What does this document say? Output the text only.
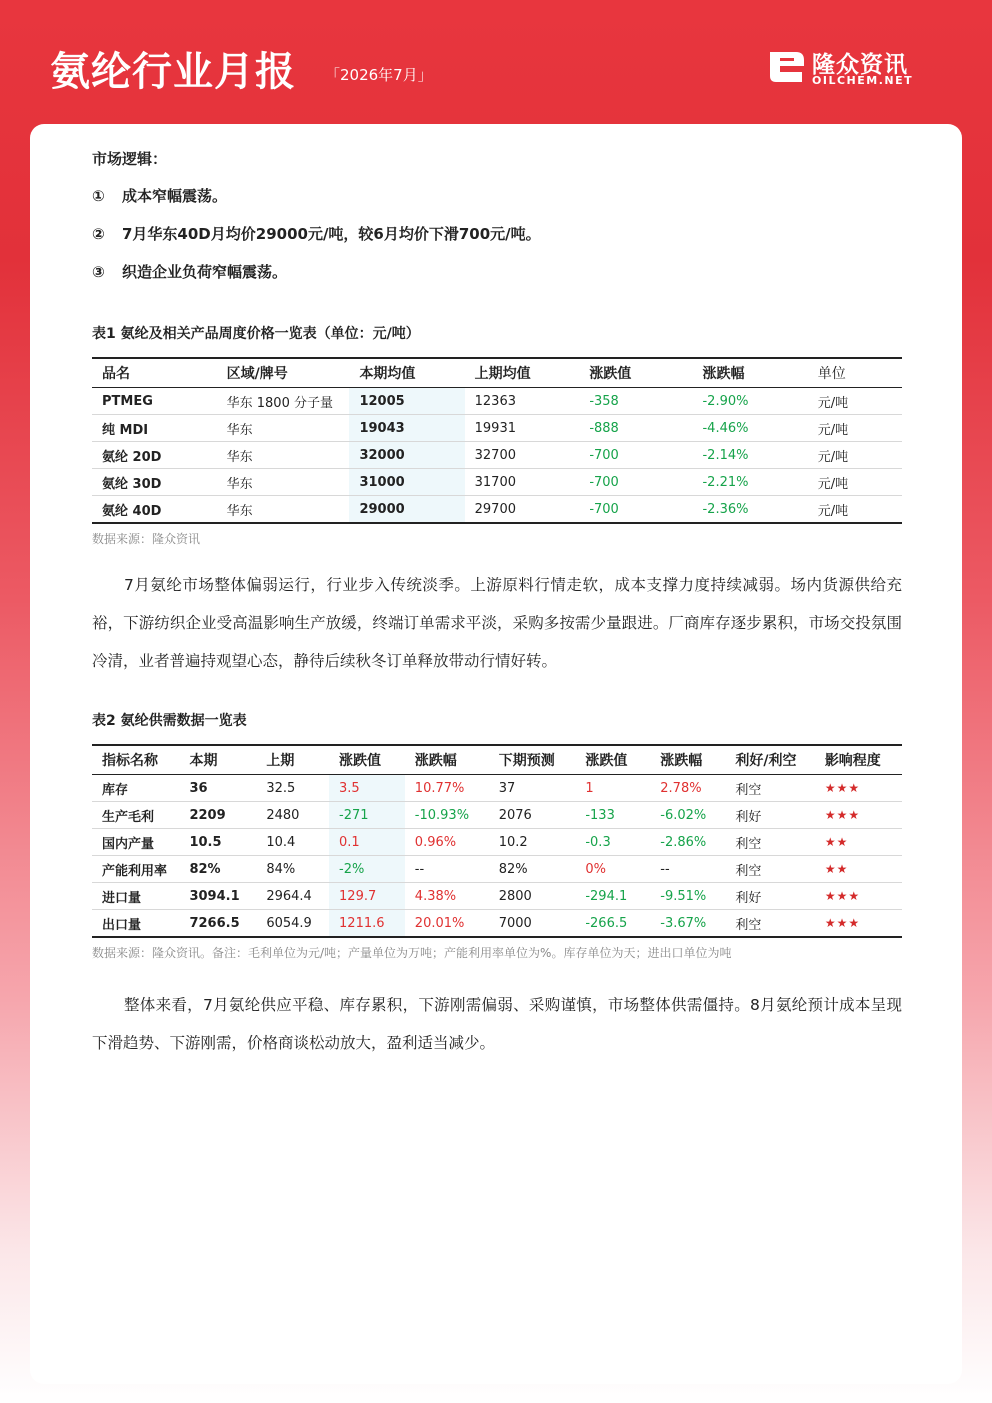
氨纶行业月报 「2026年7月」	隆众资讯
OILCHEM.NET
市场逻辑：
① 成本窄幅震荡。
② 7月华东40D月均价29000元/吨，较6月均价下滑700元/吨。
③ 织造企业负荷窄幅震荡。
表1 氨纶及相关产品周度价格一览表（单位：元/吨）
品名	区域/牌号	本期均值	上期均值	涨跌值	涨跌幅	单位
PTMEG	华东 1800 分子量	12005	12363	-358	-2.90%	元/吨
纯 MDI	华东	19043	19931	-888	-4.46%	元/吨
氨纶 20D	华东	32000	32700	-700	-2.14%	元/吨
氨纶 30D	华东	31000	31700	-700	-2.21%	元/吨
氨纶 40D	华东	29000	29700	-700	-2.36%	元/吨
数据来源：隆众资讯
7月氨纶市场整体偏弱运行，行业步入传统淡季。上游原料行情走软，成本支撑力度持续减弱。场内货源供给充裕，下游纺织企业受高温影响生产放缓，终端订单需求平淡，采购多按需少量跟进。厂商库存逐步累积，市场交投氛围冷清，业者普遍持观望心态，静待后续秋冬订单释放带动行情好转。
表2 氨纶供需数据一览表
指标名称	本期	上期	涨跌值	涨跌幅	下期预测	涨跌值	涨跌幅	利好/利空	影响程度
库存	36	32.5	3.5	10.77%	37	1	2.78%	利空	★★★
生产毛利	2209	2480	-271	-10.93%	2076	-133	-6.02%	利好	★★★
国内产量	10.5	10.4	0.1	0.96%	10.2	-0.3	-2.86%	利空	★★
产能利用率	82%	84%	-2%	--	82%	0%	--	利空	★★
进口量	3094.1	2964.4	129.7	4.38%	2800	-294.1	-9.51%	利好	★★★
出口量	7266.5	6054.9	1211.6	20.01%	7000	-266.5	-3.67%	利空	★★★
数据来源：隆众资讯。备注：毛利单位为元/吨；产量单位为万吨；产能利用率单位为%。库存单位为天；进出口单位为吨
整体来看，7月氨纶供应平稳、库存累积，下游刚需偏弱、采购谨慎，市场整体供需僵持。8月氨纶预计成本呈现下滑趋势、下游刚需，价格商谈松动放大，盈利适当减少。
